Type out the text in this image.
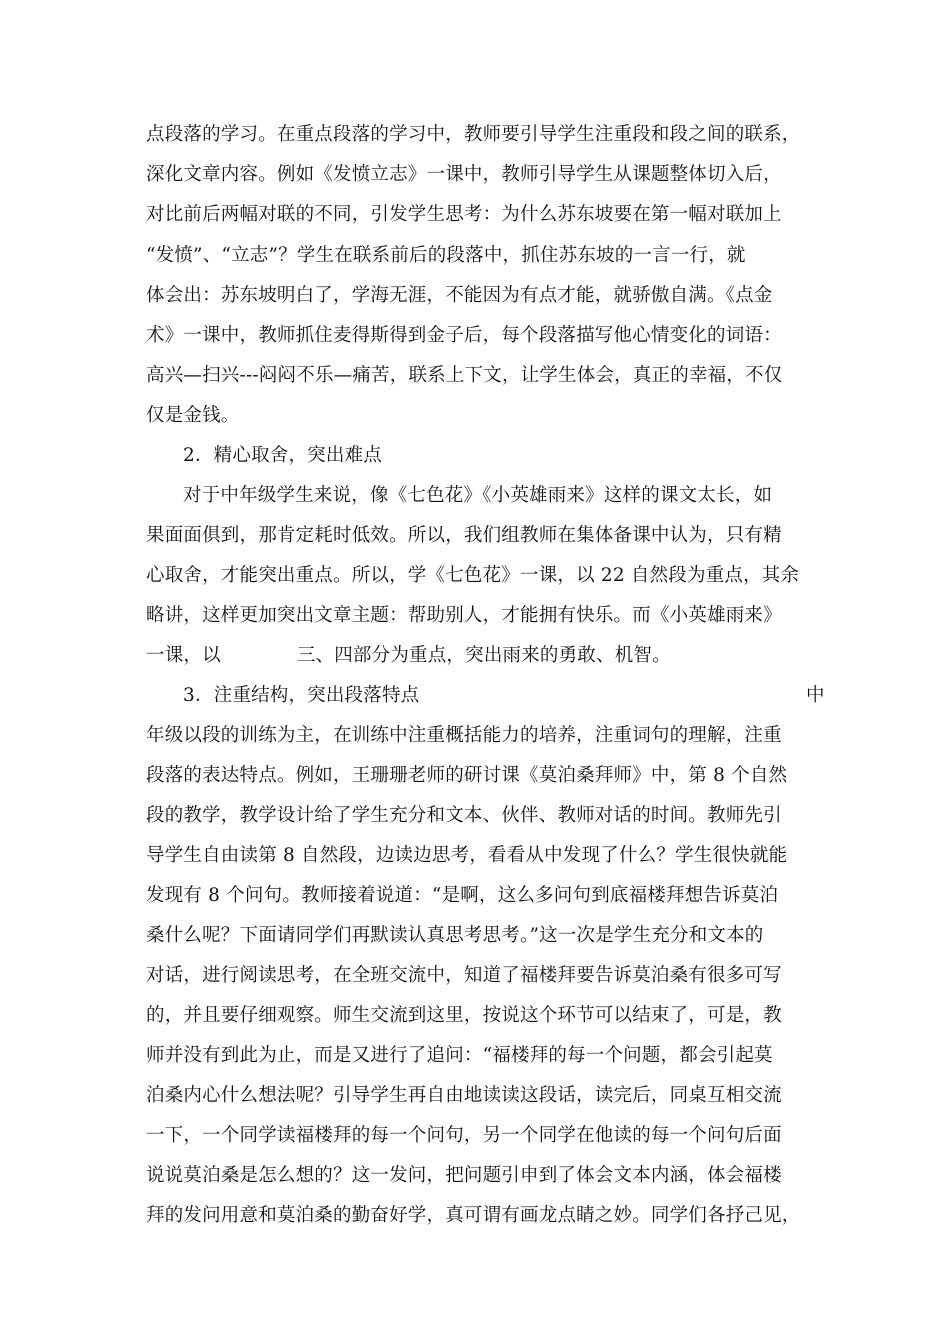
点段落的学习。在重点段落的学习中，教师要引导学生注重段和段之间的联系，
深化文章内容。例如《发愤立志》一课中，教师引导学生从课题整体切入后，
对比前后两幅对联的不同，引发学生思考：为什么苏东坡要在第一幅对联加上
“发愤”、“立志”？学生在联系前后的段落中，抓住苏东坡的一言一行，就
体会出：苏东坡明白了，学海无涯，不能因为有点才能，就骄傲自满。《点金
术》一课中，教师抓住麦得斯得到金子后，每个段落描写他心情变化的词语：
高兴—扫兴---闷闷不乐—痛苦，联系上下文，让学生体会，真正的幸福，不仅
仅是金钱。
2．精心取舍，突出难点
对于中年级学生来说，像《七色花》《小英雄雨来》这样的课文太长，如
果面面俱到，那肯定耗时低效。所以，我们组教师在集体备课中认为，只有精
心取舍，才能突出重点。所以，学《七色花》一课，以 22 自然段为重点，其余
略讲，这样更加突出文章主题：帮助别人，才能拥有快乐。而《小英雄雨来》
一课，以	三、四部分为重点，突出雨来的勇敢、机智。
3．注重结构，突出段落特点	中
年级以段的训练为主，在训练中注重概括能力的培养，注重词句的理解，注重
段落的表达特点。例如，王珊珊老师的研讨课《莫泊桑拜师》中，第 8 个自然
段的教学，教学设计给了学生充分和文本、伙伴、教师对话的时间。教师先引
导学生自由读第 8 自然段，边读边思考，看看从中发现了什么？学生很快就能
发现有 8 个问句。教师接着说道：“是啊，这么多问句到底福楼拜想告诉莫泊
桑什么呢？下面请同学们再默读认真思考思考。”这一次是学生充分和文本的
对话，进行阅读思考，在全班交流中，知道了福楼拜要告诉莫泊桑有很多可写
的，并且要仔细观察。师生交流到这里，按说这个环节可以结束了，可是，教
师并没有到此为止，而是又进行了追问：“福楼拜的每一个问题，都会引起莫
泊桑内心什么想法呢？引导学生再自由地读读这段话，读完后，同桌互相交流
一下，一个同学读福楼拜的每一个问句，另一个同学在他读的每一个问句后面
说说莫泊桑是怎么想的？这一发问，把问题引申到了体会文本内涵，体会福楼
拜的发问用意和莫泊桑的勤奋好学，真可谓有画龙点睛之妙。同学们各抒己见，
